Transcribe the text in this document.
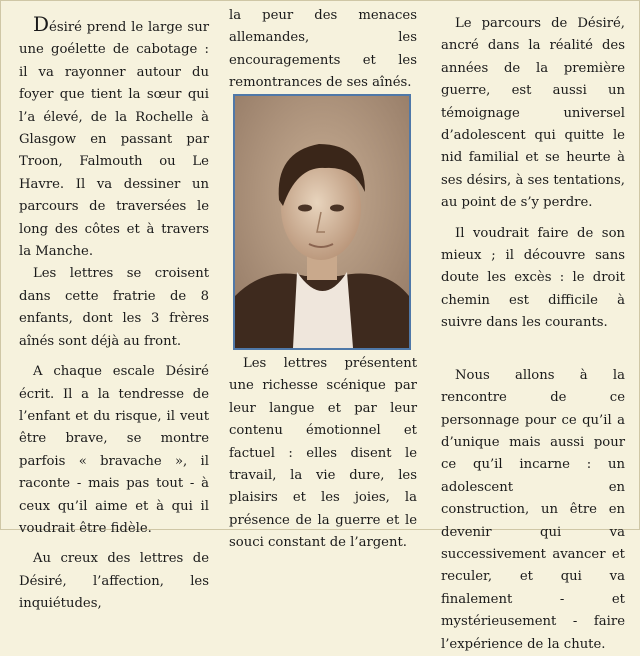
Désiré prend le large sur une goélette de cabotage : il va rayonner autour du foyer que tient la sœur qui l’a élevé, de la Rochelle à Glasgow en passant par Troon, Falmouth ou Le Havre. Il va dessiner un parcours de traversées le long des côtes et à travers la Manche.

Les lettres se croisent dans cette fratrie de 8 enfants, dont les 3 frères aînés sont déjà au front.

A chaque escale Désiré écrit. Il a la tendresse de l’enfant et du risque, il veut être brave, se montre parfois « bravache », il raconte - mais pas tout - à ceux qu’il aime et à qui il voudrait être fidèle.

Au creux des lettres de Désiré, l’affection, les inquiétudes,

la peur des menaces allemandes, les encouragements et les remontrances de ses aînés.

Les lettres présentent une richesse scénique par leur langue et par leur contenu émotionnel et factuel : elles disent le travail, la vie dure, les plaisirs et les joies, la présence de la guerre et le souci constant de l’argent.

Le parcours de Désiré, ancré dans la réalité des années de la première guerre, est aussi un témoignage universel d’adolescent qui quitte le nid familial et se heurte à ses désirs, à ses tentations, au point de s’y perdre.

Il voudrait faire de son mieux ; il découvre sans doute les excès : le droit chemin est difficile à suivre dans les courants.

Nous allons à la rencontre de ce personnage pour ce qu’il a d’unique mais aussi pour ce qu’il incarne : un adolescent en construction, un être en devenir qui va successivement avancer et reculer, et qui va finalement - et mystérieusement - faire l’expérience de la chute.
